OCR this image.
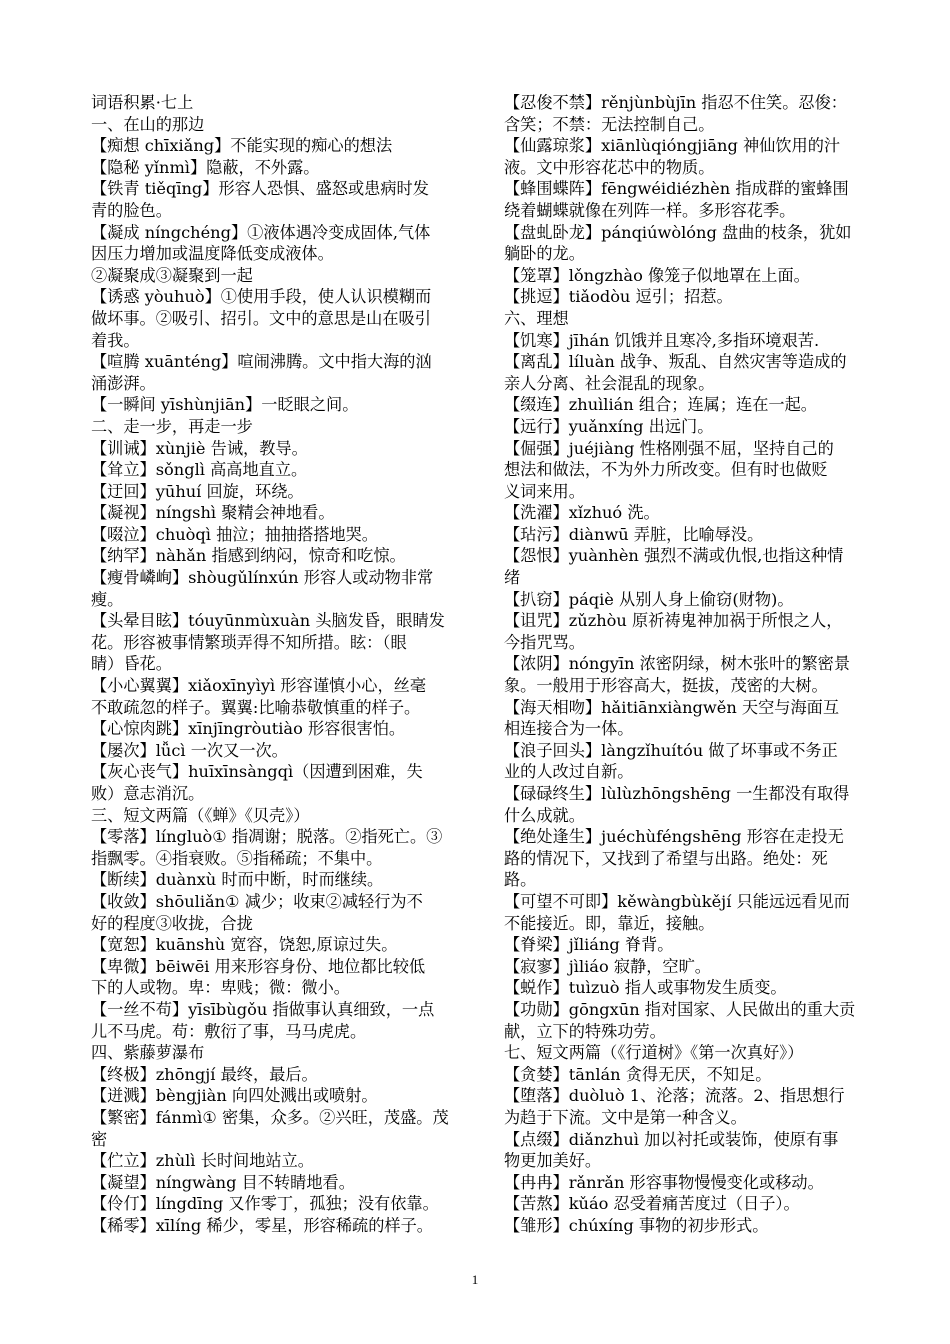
词语积累·七上
一、在山的那边
【痴想 chīxiǎng】不能实现的痴心的想法
【隐秘 yǐnmì】隐蔽，不外露。
【铁青 tiěqīng】形容人恐惧、盛怒或患病时发
青的脸色。
【凝成 níngchéng】①液体遇冷变成固体,气体
因压力增加或温度降低变成液体。
②凝聚成③凝聚到一起
【诱惑 yòuhuò】①使用手段，使人认识模糊而
做坏事。②吸引、招引。文中的意思是山在吸引
着我。
【喧腾 xuānténg】喧闹沸腾。文中指大海的汹
涌澎湃。
【一瞬间 yīshùnjiān】一眨眼之间。
二、走一步，再走一步
【训诫】xùnjiè 告诫，教导。
【耸立】sǒnglì 高高地直立。
【迂回】yūhuí 回旋，环绕。
【凝视】níngshì 聚精会神地看。
【啜泣】chuòqì 抽泣；抽抽搭搭地哭。
【纳罕】nàhǎn 指感到纳闷，惊奇和吃惊。
【瘦骨嶙峋】shòugǔlínxún 形容人或动物非常
瘦。
【头晕目眩】tóuyūnmùxuàn 头脑发昏，眼睛发
花。形容被事情繁琐弄得不知所措。眩：（眼
睛）昏花。
【小心翼翼】xiǎoxīnyìyì 形容谨慎小心，丝毫
不敢疏忽的样子。翼翼:比喻恭敬慎重的样子。
【心惊肉跳】xīnjīngròutiào 形容很害怕。
【屡次】lǚcì 一次又一次。
【灰心丧气】huīxīnsàngqì（因遭到困难，失
败）意志消沉。
三、短文两篇（《蝉》《贝壳》）
【零落】língluò① 指凋谢；脱落。②指死亡。③
指飘零。④指衰败。⑤指稀疏；不集中。
【断续】duànxù 时而中断，时而继续。
【收敛】shōuliǎn① 减少；收束②减轻行为不
好的程度③收拢，合拢
【宽恕】kuānshù 宽容，饶恕,原谅过失。
【卑微】bēiwēi 用来形容身份、地位都比较低
下的人或物。卑：卑贱；微：微小。
【一丝不苟】yīsībùgǒu 指做事认真细致，一点
儿不马虎。苟：敷衍了事，马马虎虎。
四、紫藤萝瀑布
【终极】zhōngjí 最终，最后。
【迸溅】bèngjiàn 向四处溅出或喷射。
【繁密】fánmì① 密集，众多。②兴旺，茂盛。茂
密
【伫立】zhùlì 长时间地站立。
【凝望】níngwàng 目不转睛地看。
【伶仃】língdīng 又作零丁，孤独；没有依靠。
【稀零】xīlíng 稀少，零星，形容稀疏的样子。
【忍俊不禁】rěnjùnbùjīn 指忍不住笑。忍俊：
含笑；不禁：无法控制自己。
【仙露琼浆】xiānlùqióngjiāng 神仙饮用的汁
液。文中形容花芯中的物质。
【蜂围蝶阵】fēngwéidiézhèn 指成群的蜜蜂围
绕着蝴蝶就像在列阵一样。多形容花季。
【盘虬卧龙】pánqiúwòlóng 盘曲的枝条，犹如
躺卧的龙。
【笼罩】lǒngzhào 像笼子似地罩在上面。
【挑逗】tiǎodòu 逗引；招惹。
六、理想
【饥寒】jīhán 饥饿并且寒冷,多指环境艰苦.
【离乱】líluàn 战争、叛乱、自然灾害等造成的
亲人分离、社会混乱的现象。
【缀连】zhuìlián 组合；连属；连在一起。
【远行】yuǎnxíng 出远门。
【倔强】juéjiàng 性格刚强不屈，坚持自己的
想法和做法，不为外力所改变。但有时也做贬
义词来用。
【洗濯】xǐzhuó 洗。
【玷污】diànwū 弄脏，比喻辱没。
【怨恨】yuànhèn 强烈不满或仇恨,也指这种情
绪
【扒窃】páqiè 从别人身上偷窃(财物)。
【诅咒】zǔzhòu 原祈祷鬼神加祸于所恨之人，
今指咒骂。
【浓阴】nóngyīn 浓密阴绿，树木张叶的繁密景
象。一般用于形容高大，挺拔，茂密的大树。
【海天相吻】hǎitiānxiàngwěn 天空与海面互
相连接合为一体。
【浪子回头】làngzǐhuítóu 做了坏事或不务正
业的人改过自新。
【碌碌终生】lùlùzhōngshēng 一生都没有取得
什么成就。
【绝处逢生】juéchùféngshēng 形容在走投无
路的情况下，又找到了希望与出路。绝处：死
路。
【可望不可即】kěwàngbùkějí 只能远远看见而
不能接近。即，靠近，接触。
【脊梁】jǐliáng 脊背。
【寂寥】jìliáo 寂静，空旷。
【蜕作】tuìzuò 指人或事物发生质变。
【功勋】gōngxūn 指对国家、人民做出的重大贡
献，立下的特殊功劳。
七、短文两篇（《行道树》《第一次真好》）
【贪婪】tānlán 贪得无厌，不知足。
【堕落】duòluò 1、沦落；流落。2、指思想行
为趋于下流。文中是第一种含义。
【点缀】diǎnzhuì 加以衬托或装饰，使原有事
物更加美好。
【冉冉】rǎnrǎn 形容事物慢慢变化或移动。
【苦熬】kǔáo 忍受着痛苦度过（日子）。
【雏形】chúxíng 事物的初步形式。
1
